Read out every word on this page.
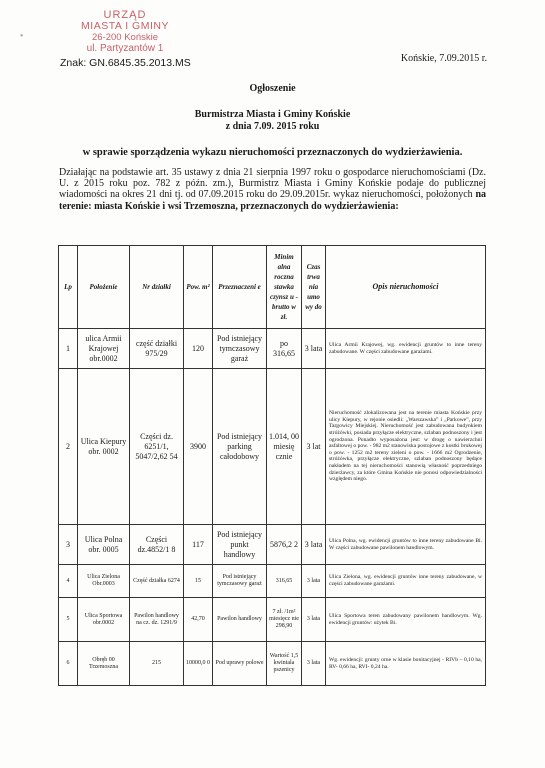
*
URZĄD
MIASTA I GMINY
26-200 Końskie
ul. Partyzantów 1
Znak: GN.6845.35.2013.MS	Końskie, 7.09.2015 r.
Ogłoszenie
Burmistrza Miasta i Gminy Końskie
z dnia 7.09. 2015 roku
w sprawie sporządzenia wykazu nieruchomości przeznaczonych do wydzierżawienia.
Działając na podstawie art. 35 ustawy z dnia 21 sierpnia 1997 roku o gospodarce nieruchomościami (Dz. U. z 2015 roku poz. 782 z późn. zm.), Burmistrz Miasta i Gminy Końskie podaje do publicznej wiadomości na okres 21 dni tj. od 07.09.2015 roku do 29.09.2015r. wykaz nieruchomości, położonych na terenie: miasta Końskie i wsi Trzemoszna, przeznaczonych do wydzierżawienia:
Lp	Położenie	Nr działki	Pow. m²	Przeznaczeni e	Minim alna roczna stawka czynsz u - brutto w zł.	Czas trwa nia umo wy do	Opis nieruchomości
1	ulica Armii Krajowej obr.0002	część działki 975/29	120	Pod istniejący tymczasowy garaż	po 316,65	3 lata	Ulica Armii Krajowej, wg. ewidencji gruntów to inne tereny zabudowane. W części zabudowane garażami.
2	Ulica Kiepury obr. 0002	Części dz. 6251/1, 5047/2,62 54	3900	Pod istniejący parking całodobowy	1.014, 00 miesię cznie	3 lat	Nieruchomość zlokalizowana jest na terenie miasta Końskie przy ulicy Kiepury, w rejonie osiedli: „Warszawska” i „Parkowe”, przy Targowicy Miejskiej. Nieruchomość jest zabudowana budynkiem stróżówki, posiada przyłącze elektryczne, szlaban podnoszony i jest ogrodzona. Ponadto wyposażona jest: w drogę o nawierzchni asfaltowej o pow. - 982 m2 stanowiska postojowe z kostki brukowej o pow. - 1252 m2 tereny zieleni o pow. - 1666 m2 Ogrodzenie, stróżówka, przyłącze elektryczne, szlaban podnoszony będące nakładem na tej nieruchomości stanowią własność poprzedniego dzierżawcy, za które Gmina Końskie nie ponosi odpowiedzialności względem niego.
3	Ulica Polna obr. 0005	Części dz.4852/1 8	117	Pod istniejący punkt handlowy	5876,2 2	3 lata	Ulica Polna, wg. ewidencji gruntów to inne tereny zabudowane Bi. W części zabudowane pawilonem handlowym.
4	Ulica Zielona Obr.0003	Część działka 6274	15	Pod istniejący tymczasowy garaż	316,65	3 lata	Ulica Zielona, wg. ewidencji gruntów inne tereny zabudowane, w części zabudowane garażami.
5	Ulica Sportowa obr.0002	Pawilon handlowy na cz. dz. 1291/9	42,70	Pawilon handlowy	7 zł. /1m² miesięcz nie 298,90	3 lata	Ulica Sportowa teren zabudowany pawilonem handlowym. Wg. ewidencji gruntów: użytek Bi.
6	Obręb 00 Trzemoszna	215	10000,0 0	Pod uprawy polowe	Wartość 1,5 kwintala pszenicy	3 lata	Wg. ewidencji: grunty orne w klasie bonitacyjnej - RIVb – 0,10 ha, RV- 0,66 ha, RVI- 0,24 ha.
